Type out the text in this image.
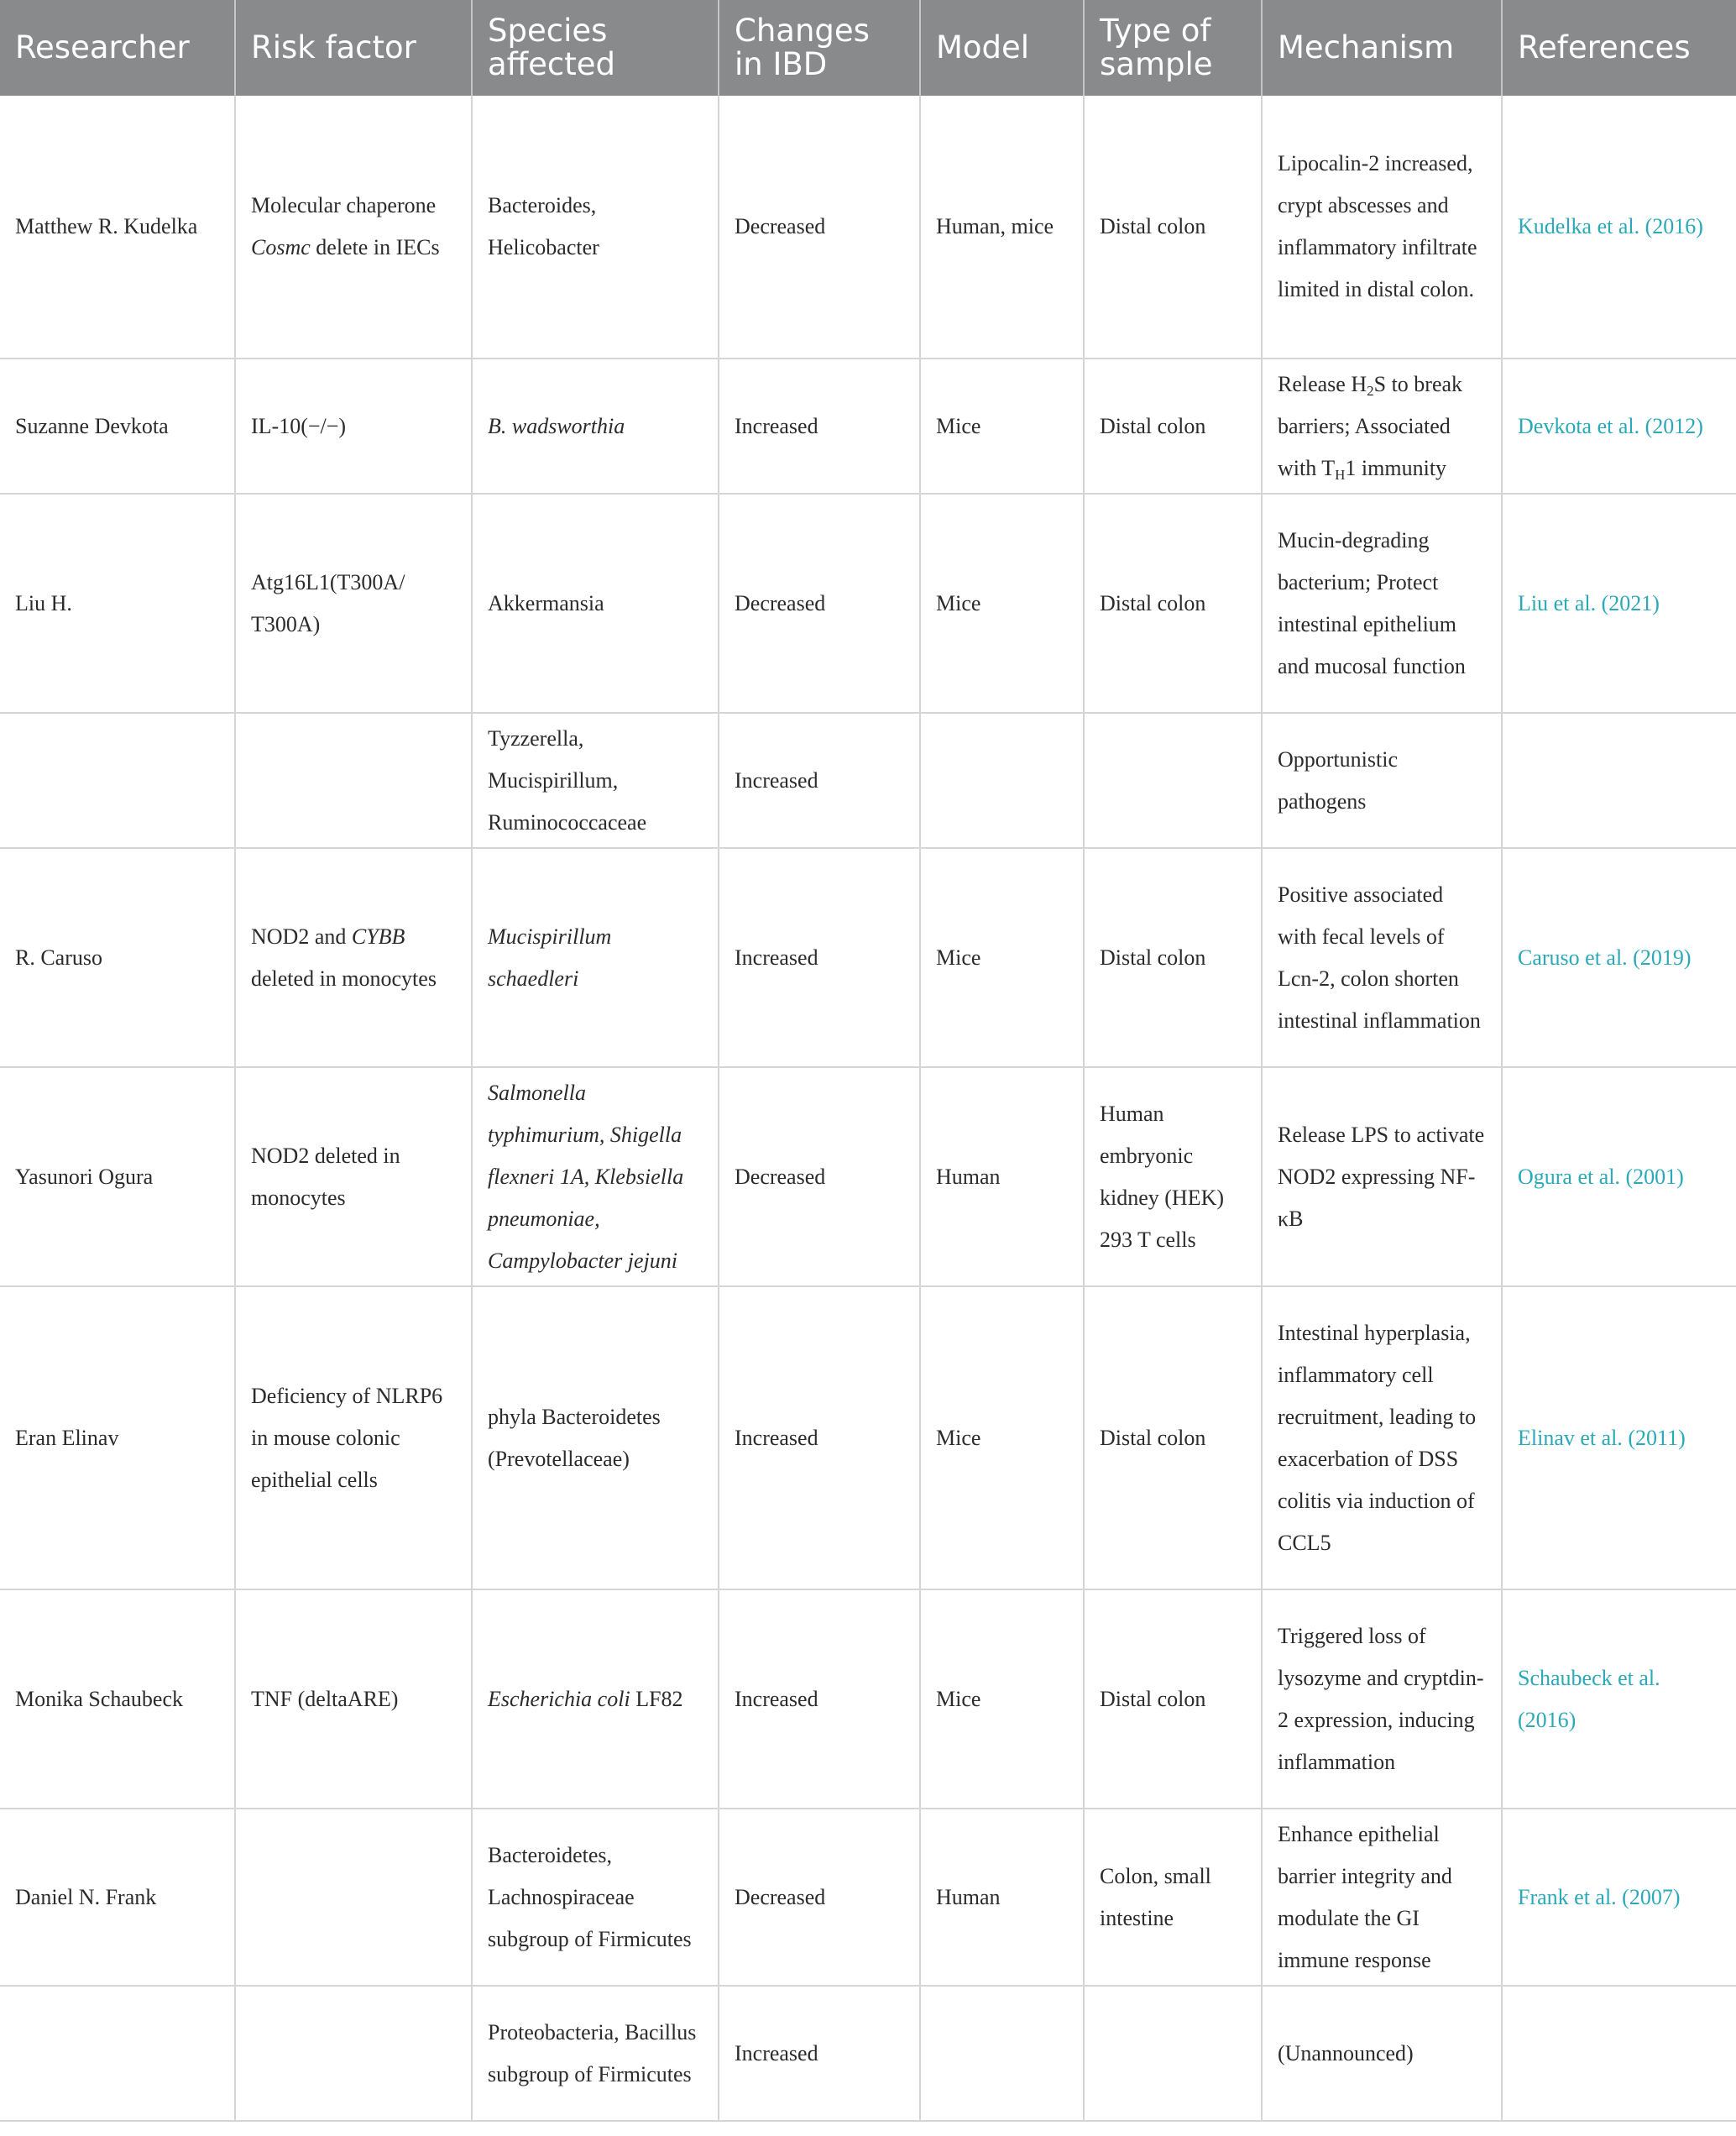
Researcher	Risk factor	Species affected	Changes in IBD	Model	Type of sample	Mechanism	References
Matthew R. Kudelka	Molecular chaperone Cosmc delete in IECs	Bacteroides, Helicobacter	Decreased	Human, mice	Distal colon	Lipocalin-2 increased, crypt abscesses and inflammatory infiltrate limited in distal colon.	Kudelka et al. (2016)
Suzanne Devkota	IL-10(−/−)	B. wadsworthia	Increased	Mice	Distal colon	Release $H_2S$ to break barriers; Associated with $T_H1$ immunity	Devkota et al. (2012)
Liu H.	Atg16L1(T300A/ T300A)	Akkermansia	Decreased	Mice	Distal colon	Mucin-degrading bacterium; Protect intestinal epithelium and mucosal function	Liu et al. (2021)
		Tyzzerella, Mucispirillum, Ruminococcaceae	Increased			Opportunistic pathogens	
R. Caruso	NOD2 and CYBB deleted in monocytes	Mucispirillum schaedleri	Increased	Mice	Distal colon	Positive associated with fecal levels of Lcn-2, colon shorten intestinal inflammation	Caruso et al. (2019)
Yasunori Ogura	NOD2 deleted in monocytes	Salmonella typhimurium, Shigella flexneri 1A, Klebsiella pneumoniae, Campylobacter jejuni	Decreased	Human	Human embryonic kidney (HEK) 293 T cells	Release LPS to activate NOD2 expressing NF-κB	Ogura et al. (2001)
Eran Elinav	Deficiency of NLRP6 in mouse colonic epithelial cells	phyla Bacteroidetes (Prevotellaceae)	Increased	Mice	Distal colon	Intestinal hyperplasia, inflammatory cell recruitment, leading to exacerbation of DSS colitis via induction of CCL5	Elinav et al. (2011)
Monika Schaubeck	TNF (deltaARE)	Escherichia coli LF82	Increased	Mice	Distal colon	Triggered loss of lysozyme and cryptdin-2 expression, inducing inflammation	Schaubeck et al. (2016)
Daniel N. Frank		Bacteroidetes, Lachnospiraceae subgroup of Firmicutes	Decreased	Human	Colon, small intestine	Enhance epithelial barrier integrity and modulate the GI immune response	Frank et al. (2007)
		Proteobacteria, Bacillus subgroup of Firmicutes	Increased			(Unannounced)	
